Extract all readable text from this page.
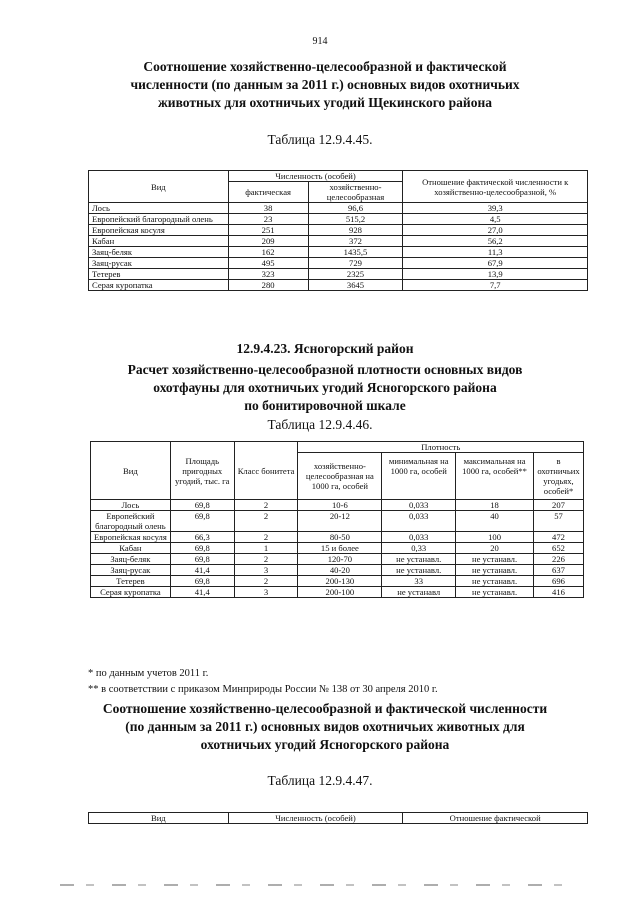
914
Соотношение хозяйственно-целесообразной и фактической
численности (по данным за 2011 г.) основных видов охотничьих
животных для охотничьих угодий Щекинского района
Таблица 12.9.4.45.
Вид	Численность (особей)		Отношение фактической численности к хозяйственно-целесообразной, %
	фактическая	хозяйственно-целесообразная	
Лось	38	96,6	39,3
Европейский благородный олень	23	515,2	4,5
Европейская косуля	251	928	27,0
Кабан	209	372	56,2
Заяц-беляк	162	1435,5	11,3
Заяц-русак	495	729	67,9
Тетерев	323	2325	13,9
Серая куропатка	280	3645	7,7
12.9.4.23. Ясногорский район
Расчет хозяйственно-целесообразной плотности основных видов
охотфауны для охотничьих угодий Ясногорского района
по бонитировочной шкале
Таблица 12.9.4.46.
Вид	Площадь пригодных угодий, тыс. га	Класс бонитета	Плотность			
			хозяйственно-целесообразная на 1000 га, особей	минимальная на 1000 га, особей	максимальная на 1000 га, особей**	в охотничьих угодьях, особей*
Лось	69,8	2	10-6	0,033	18	207
Европейский благородный олень	69,8	2	20-12	0,033	40	57
Европейская косуля	66,3	2	80-50	0,033	100	472
Кабан	69,8	1	15 и более	0,33	20	652
Заяц-беляк	69,8	2	120-70	не устанавл.	не устанавл.	226
Заяц-русак	41,4	3	40-20	не устанавл.	не устанавл.	637
Тетерев	69,8	2	200-130	33	не устанавл.	696
Серая куропатка	41,4	3	200-100	не устанавл	не устанавл.	416
* по данным учетов 2011 г.
** в соответствии с приказом Минприроды России № 138 от 30 апреля 2010 г.
Соотношение хозяйственно-целесообразной и фактической численности
(по данным за 2011 г.) основных видов охотничьих животных для
охотничьих угодий Ясногорского района
Таблица 12.9.4.47.
Вид	Численность (особей)	Отношение фактической
